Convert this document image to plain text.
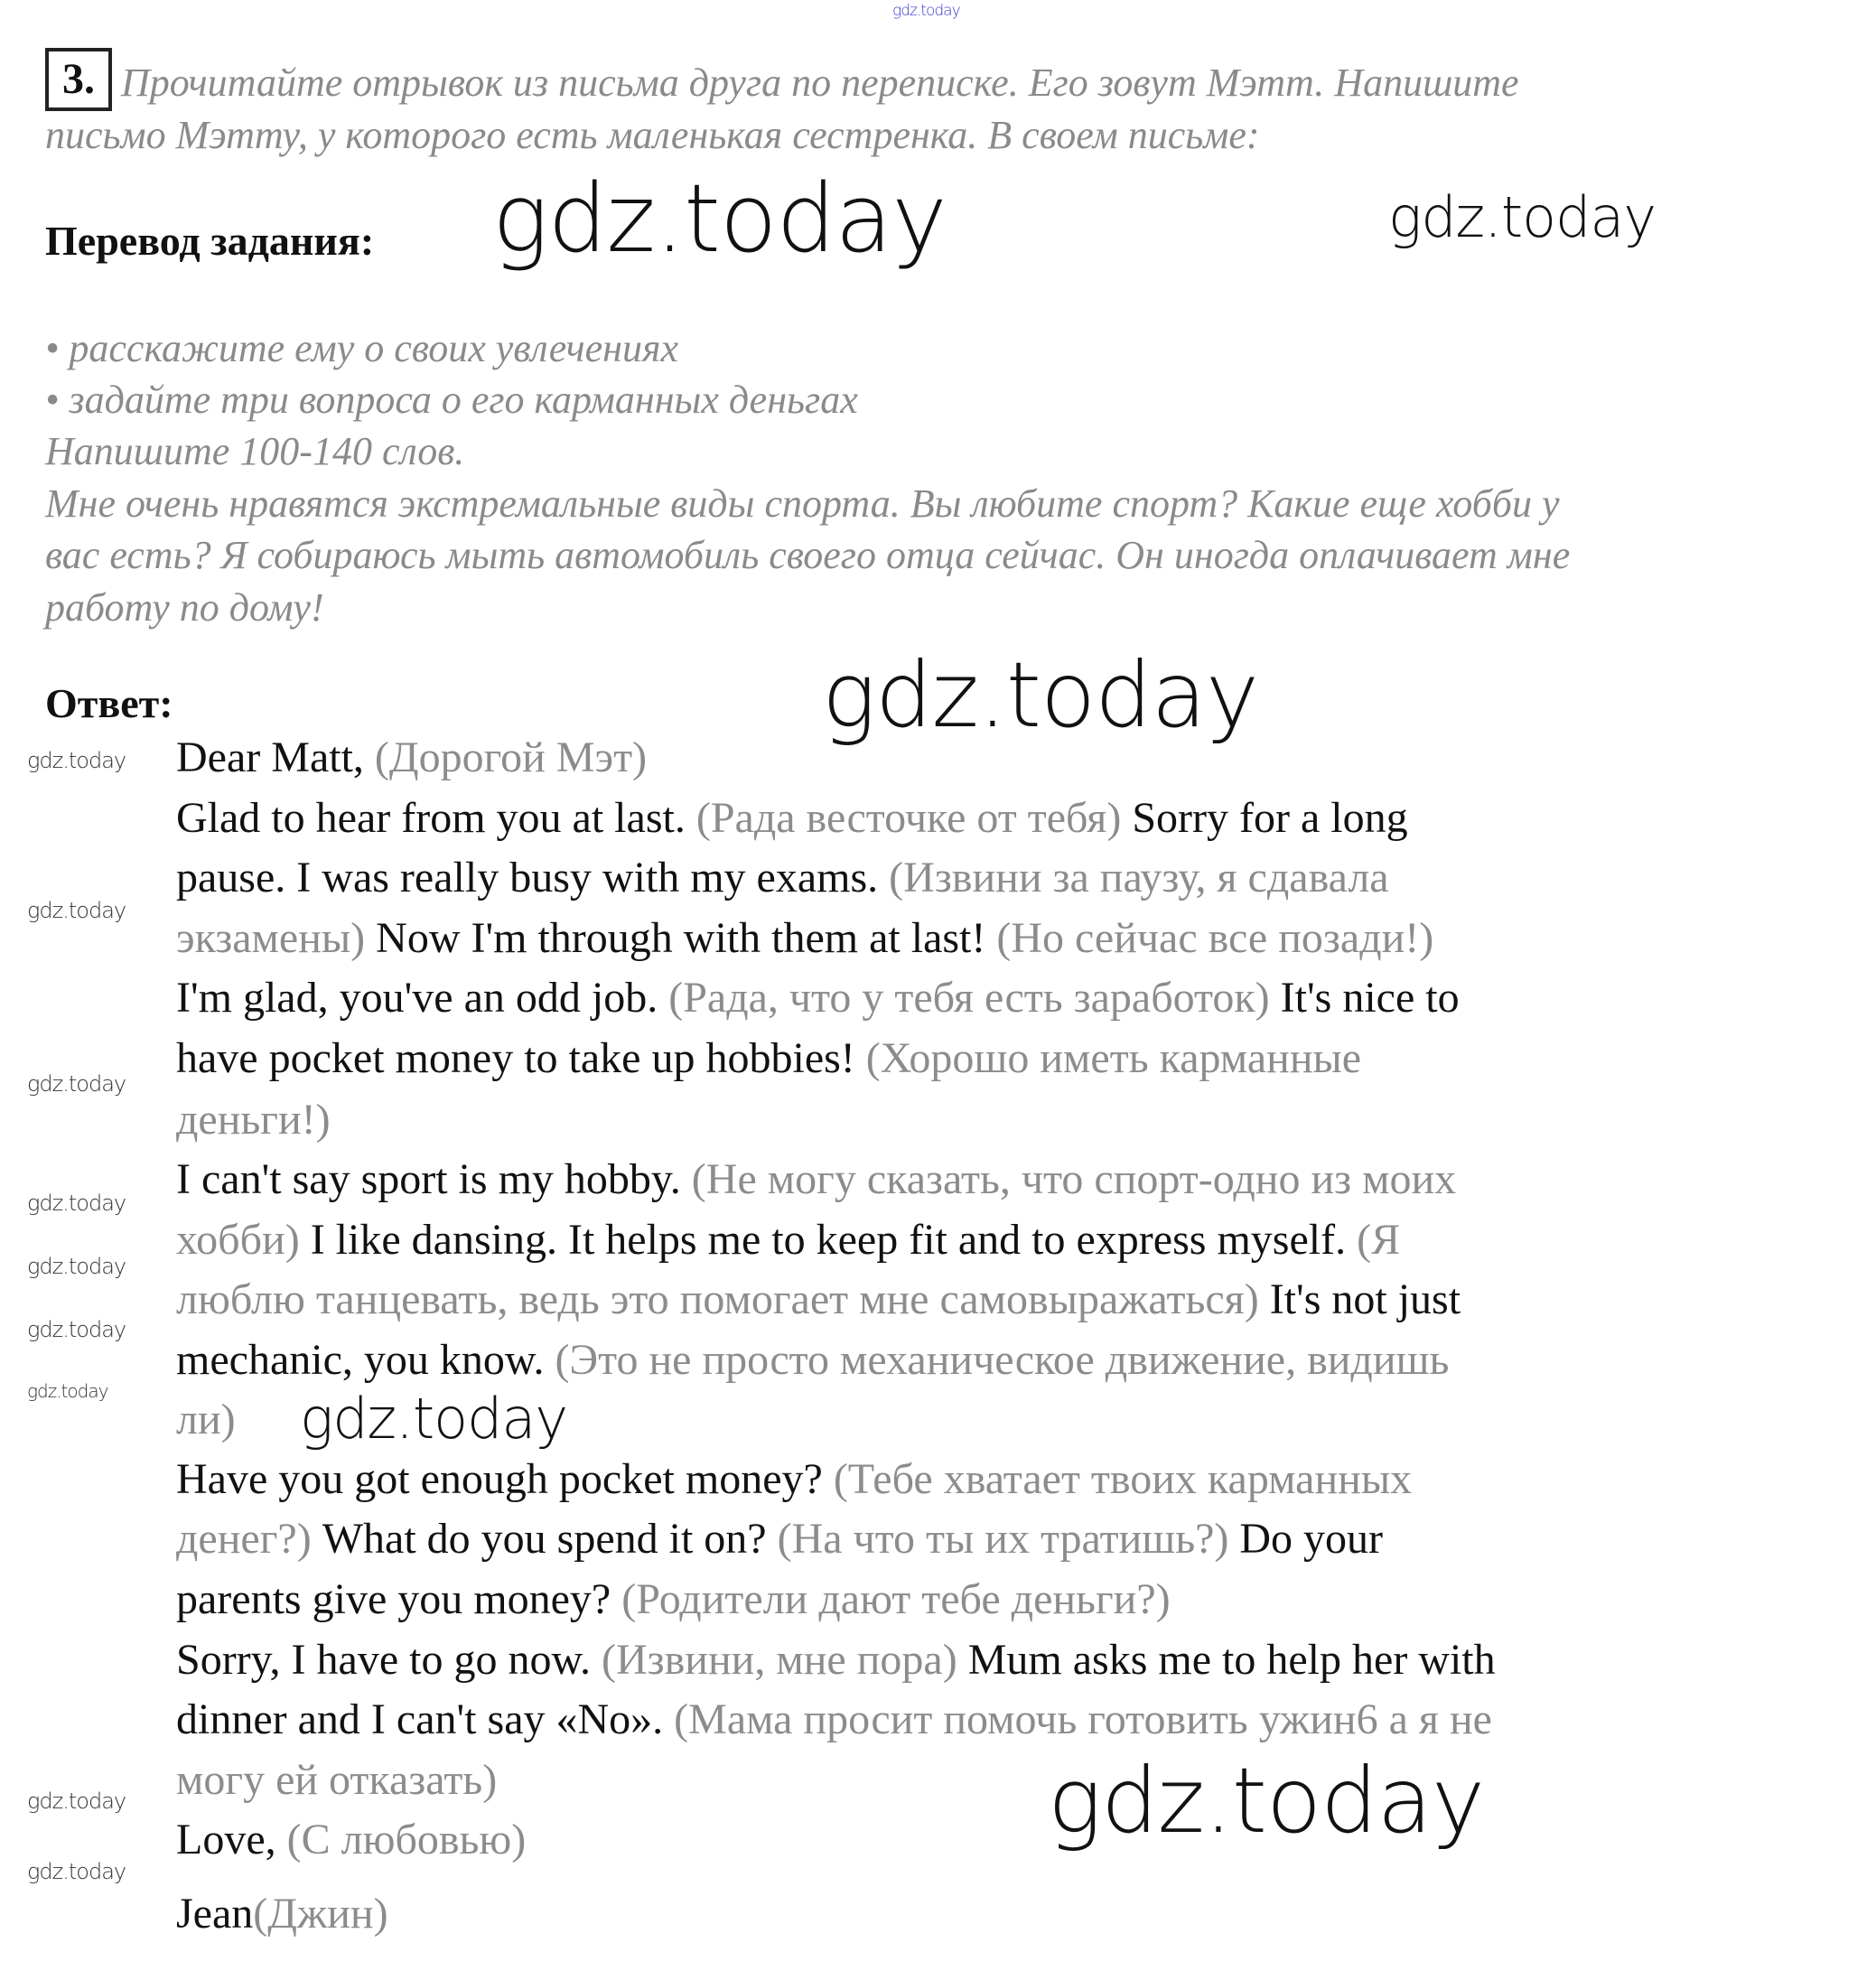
gdz.today
3. Прочитайте отрывок из письма друга по переписке. Его зовут Мэтт. Напишите
письмо Мэтту, у которого есть маленькая сестренка. В своем письме:
Перевод задания: gdz.today	gdz.today
• расскажите ему о своих увлечениях
• задайте три вопроса о его карманных деньгах
Напишите 100-140 слов.
Мне очень нравятся экстремальные виды спорта. Вы любите спорт? Какие еще хобби у
вас есть? Я собираюсь мыть автомобиль своего отца сейчас. Он иногда оплачивает мне
работу по дому!
Ответ:
Dear Matt, (Дорогой Мэт)
Glad to hear from you at last. (Рада весточке от тебя) Sorry for a long
pause. I was really busy with my exams. (Извини за паузу, я сдавала
экзамены) Now I'm through with them at last! (Но сейчас все позади!)
I'm glad, you've an odd job. (Рада, что у тебя есть заработок) It's nice to
have pocket money to take up hobbies! (Хорошо иметь карманные
деньги!)
I can't say sport is my hobby. (Не могу сказать, что спорт-одно из моих
хобби) I like dansing. It helps me to keep fit and to express myself. (Я
люблю танцевать, ведь это помогает мне самовыражаться) It's not just
mechanic, you know. (Это не просто механическое движение, видишь
ли)
Have you got enough pocket money? (Тебе хватает твоих карманных
денег?) What do you spend it on? (На что ты их тратишь?) Do your
parents give you money? (Родители дают тебе деньги?)
Sorry, I have to go now. (Извини, мне пора) Mum asks me to help her with
dinner and I can't say «No». (Мама просит помочь готовить ужин6 а я не
могу ей отказать)
Love, (С любовью)
Jean(Джин)
gdz.today
gdz.today
gdz.today
gdz.today
gdz.today
gdz.today
gdz.today
gdz.today	gdz.today
gdz.today
gdz.today
gdz.today
